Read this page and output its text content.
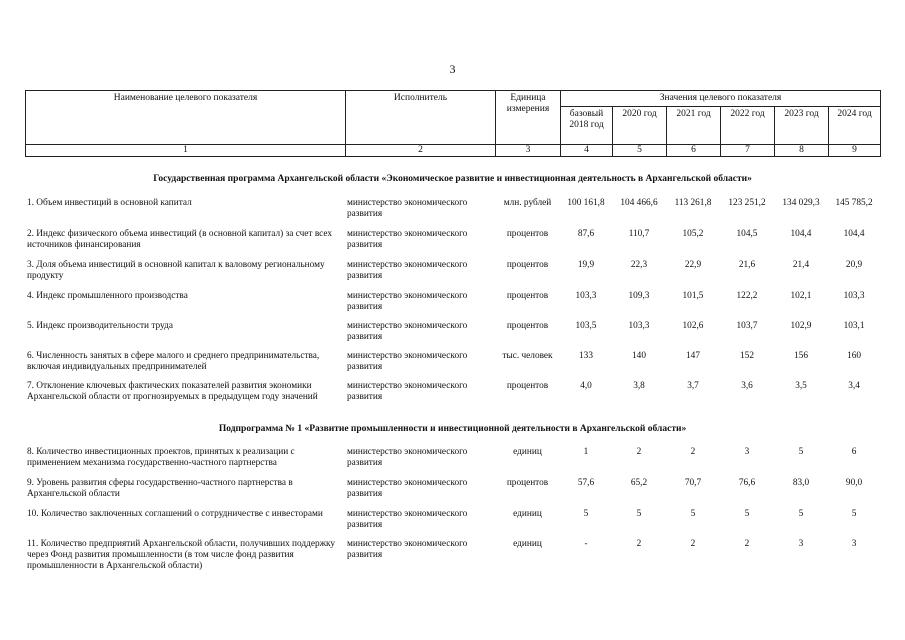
3
Наименование целевого показателя	Исполнитель	Единица измерения	Значения целевого показателя					
			базовый 2018 год	2020 год	2021 год	2022 год	2023 год	2024 год
1	2	3	4	5	6	7	8	9
Государственная программа Архангельской области «Экономическое развитие и инвестиционная деятельность в Архангельской области»								

1. Объем инвестиций в основной капитал	министерство экономического развития	млн. рублей	100 161,8	104 466,6	113 261,8	123 251,2	134 029,3	145 785,2
2. Индекс физического объема инвестиций (в основной капитал) за счет всех источников финансирования	министерство экономического развития	процентов	87,6	110,7	105,2	104,5	104,4	104,4
3. Доля объема инвестиций в основной капитал к валовому региональному продукту	министерство экономического развития	процентов	19,9	22,3	22,9	21,6	21,4	20,9
4. Индекс промышленного производства	министерство экономического развития	процентов	103,3	109,3	101,5	122,2	102,1	103,3
5. Индекс производительности труда	министерство экономического развития	процентов	103,5	103,3	102,6	103,7	102,9	103,1
6. Численность занятых в сфере малого и среднего предпринимательства, включая индивидуальных предпринимателей	министерство экономического развития	тыс. человек	133	140	147	152	156	160
7. Отклонение ключевых фактических показателей развития экономики Архангельской области от прогнозируемых в предыдущем году значений	министерство экономического развития	процентов	4,0	3,8	3,7	3,6	3,5	3,4

Подпрограмма № 1 «Развитие промышленности и инвестиционной деятельности в Архангельской области»								

8. Количество инвестиционных проектов, принятых к реализации с применением механизма государственно-частного партнерства	министерство экономического развития	единиц	1	2	2	3	5	6
9. Уровень развития сферы государственно-частного партнерства в Архангельской области	министерство экономического развития	процентов	57,6	65,2	70,7	76,6	83,0	90,0
10. Количество заключенных соглашений о сотрудничестве с инвесторами	министерство экономического развития	единиц	5	5	5	5	5	5
11. Количество предприятий Архангельской области, получивших поддержку через Фонд развития промышленности (в том числе фонд развития промышленности в Архангельской области)	министерство экономического развития	единиц	-	2	2	2	3	3
